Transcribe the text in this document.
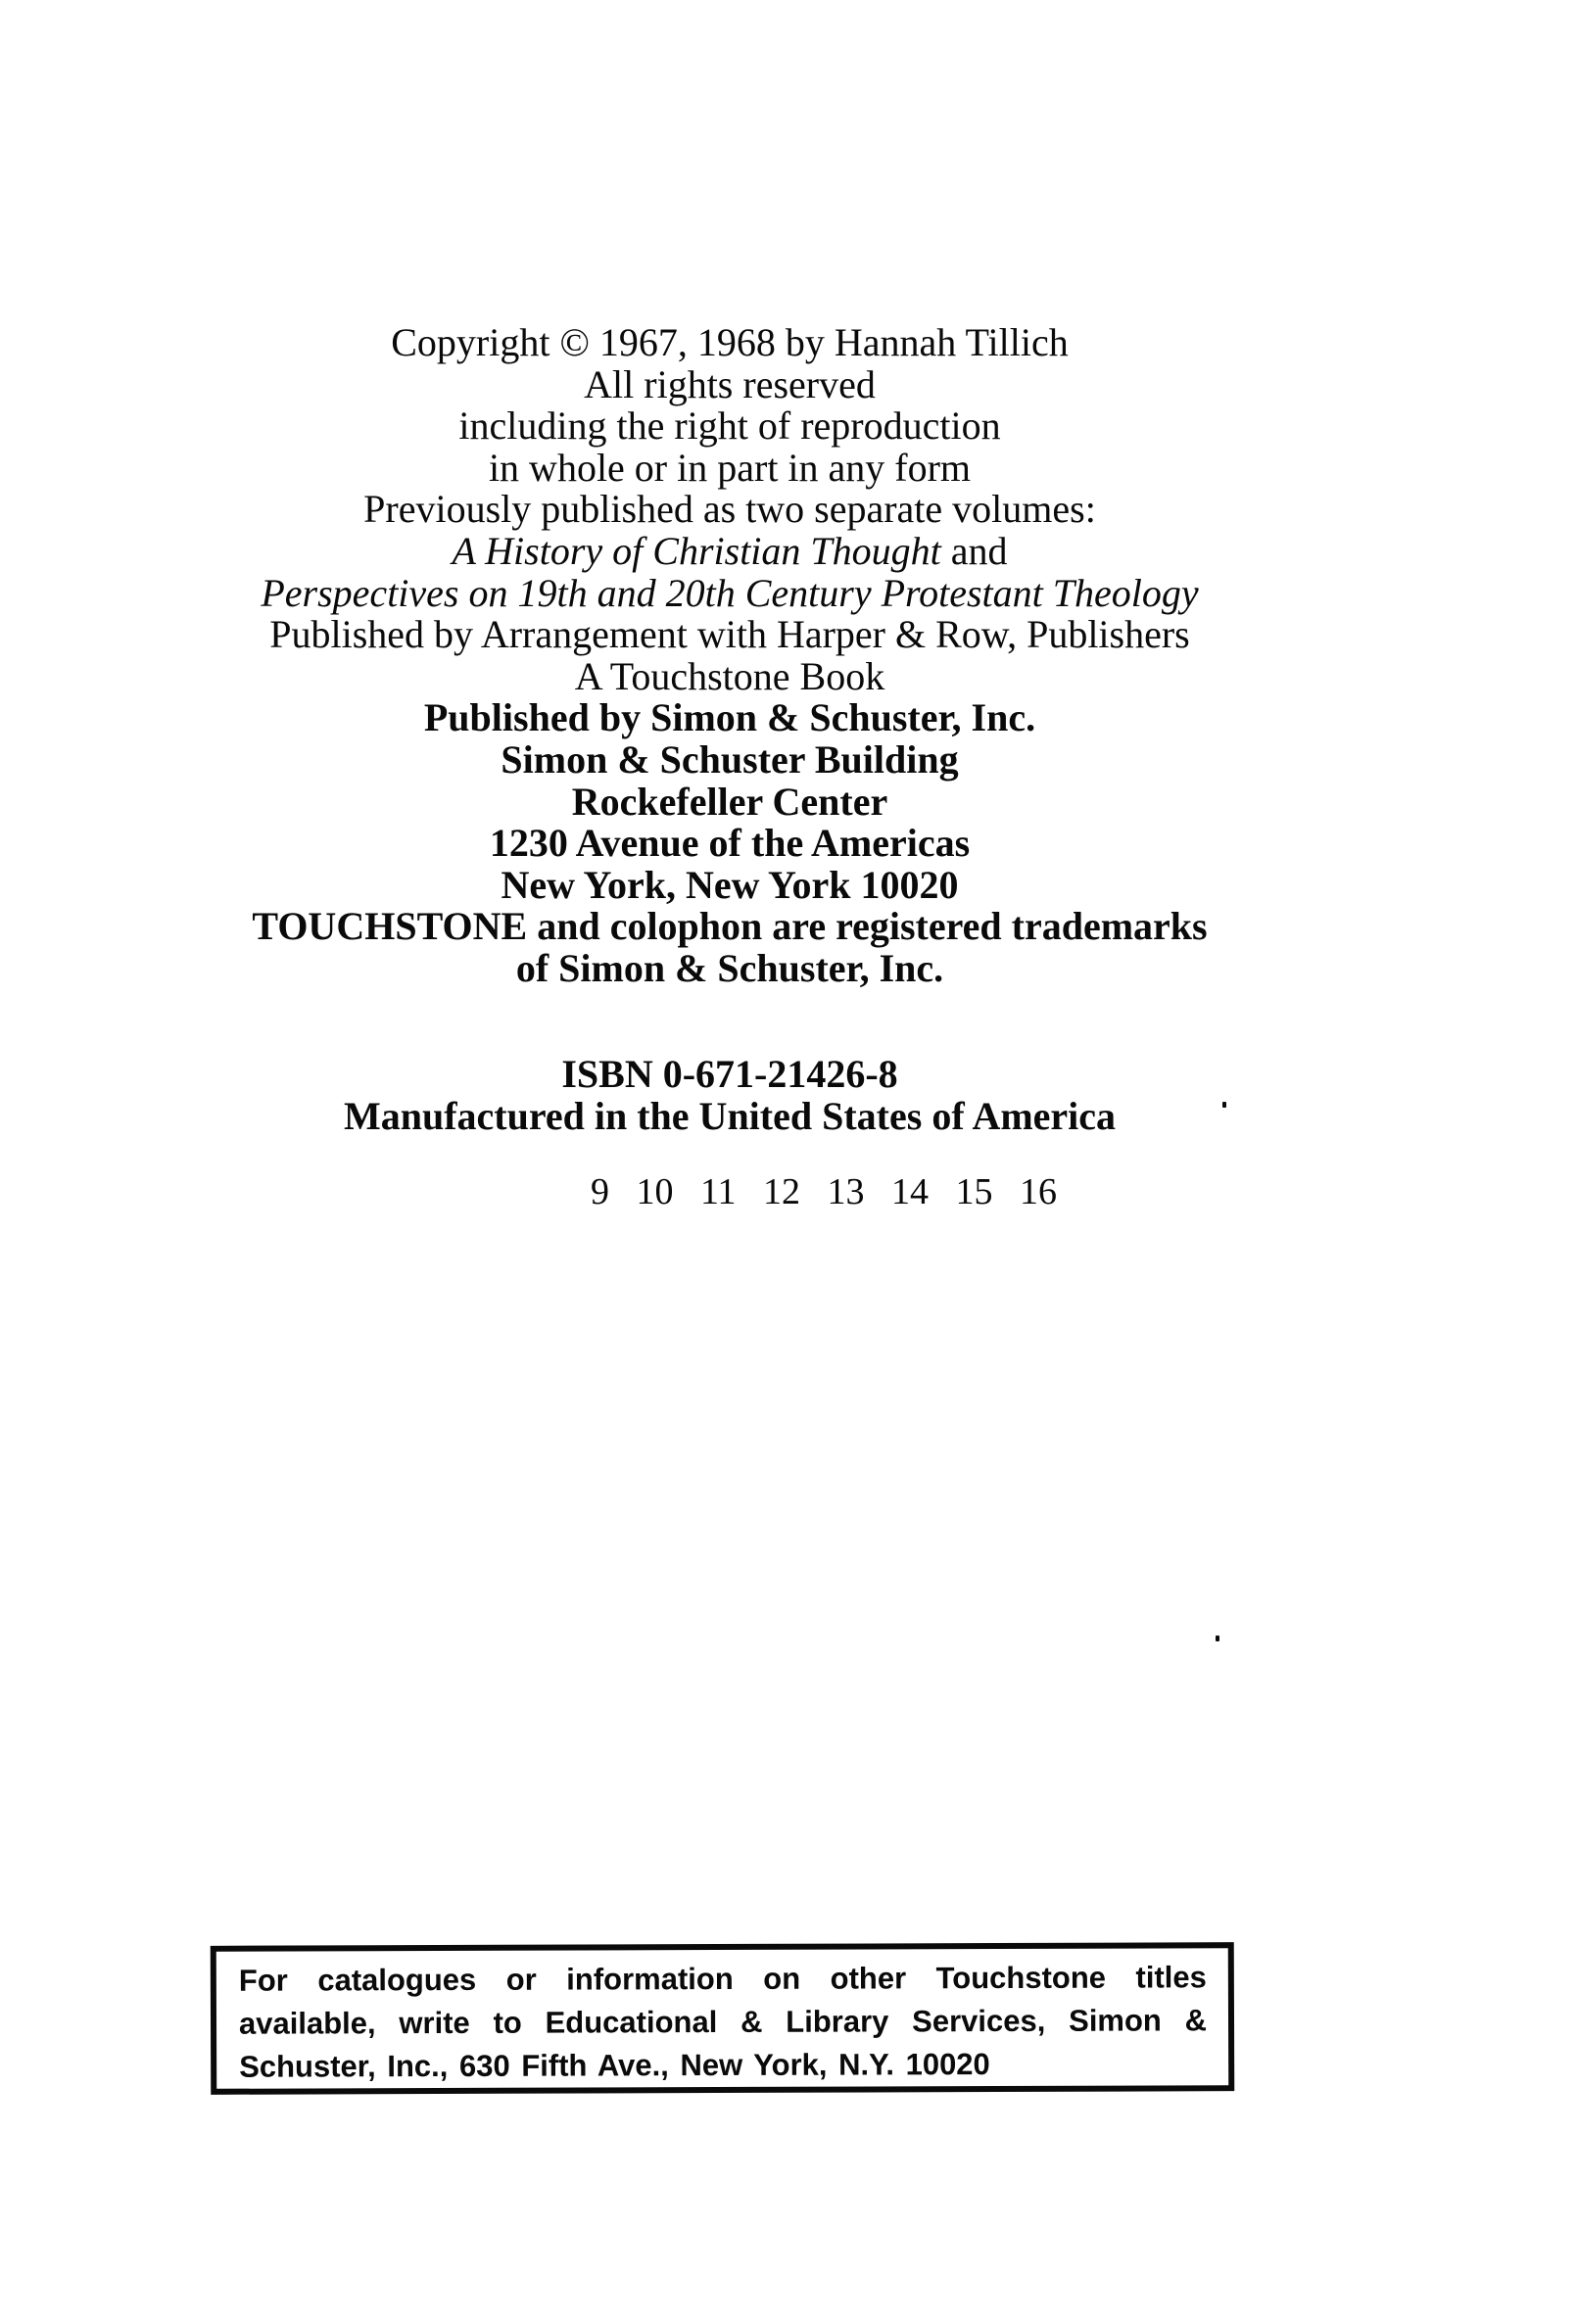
Copyright © 1967, 1968 by Hannah Tillich
All rights reserved
including the right of reproduction
in whole or in part in any form
Previously published as two separate volumes:
A History of Christian Thought and
Perspectives on 19th and 20th Century Protestant Theology
Published by Arrangement with Harper & Row, Publishers
A Touchstone Book
Published by Simon & Schuster, Inc.
Simon & Schuster Building
Rockefeller Center
1230 Avenue of the Americas
New York, New York 10020
TOUCHSTONE and colophon are registered trademarks
of Simon & Schuster, Inc.
ISBN 0-671-21426-8
Manufactured in the United States of America
9 10 11 12 13 14 15 16
For catalogues or information on other Touchstone titles available, write to Educational & Library Services, Simon & Schuster, Inc., 630 Fifth Ave., New York, N.Y. 10020
